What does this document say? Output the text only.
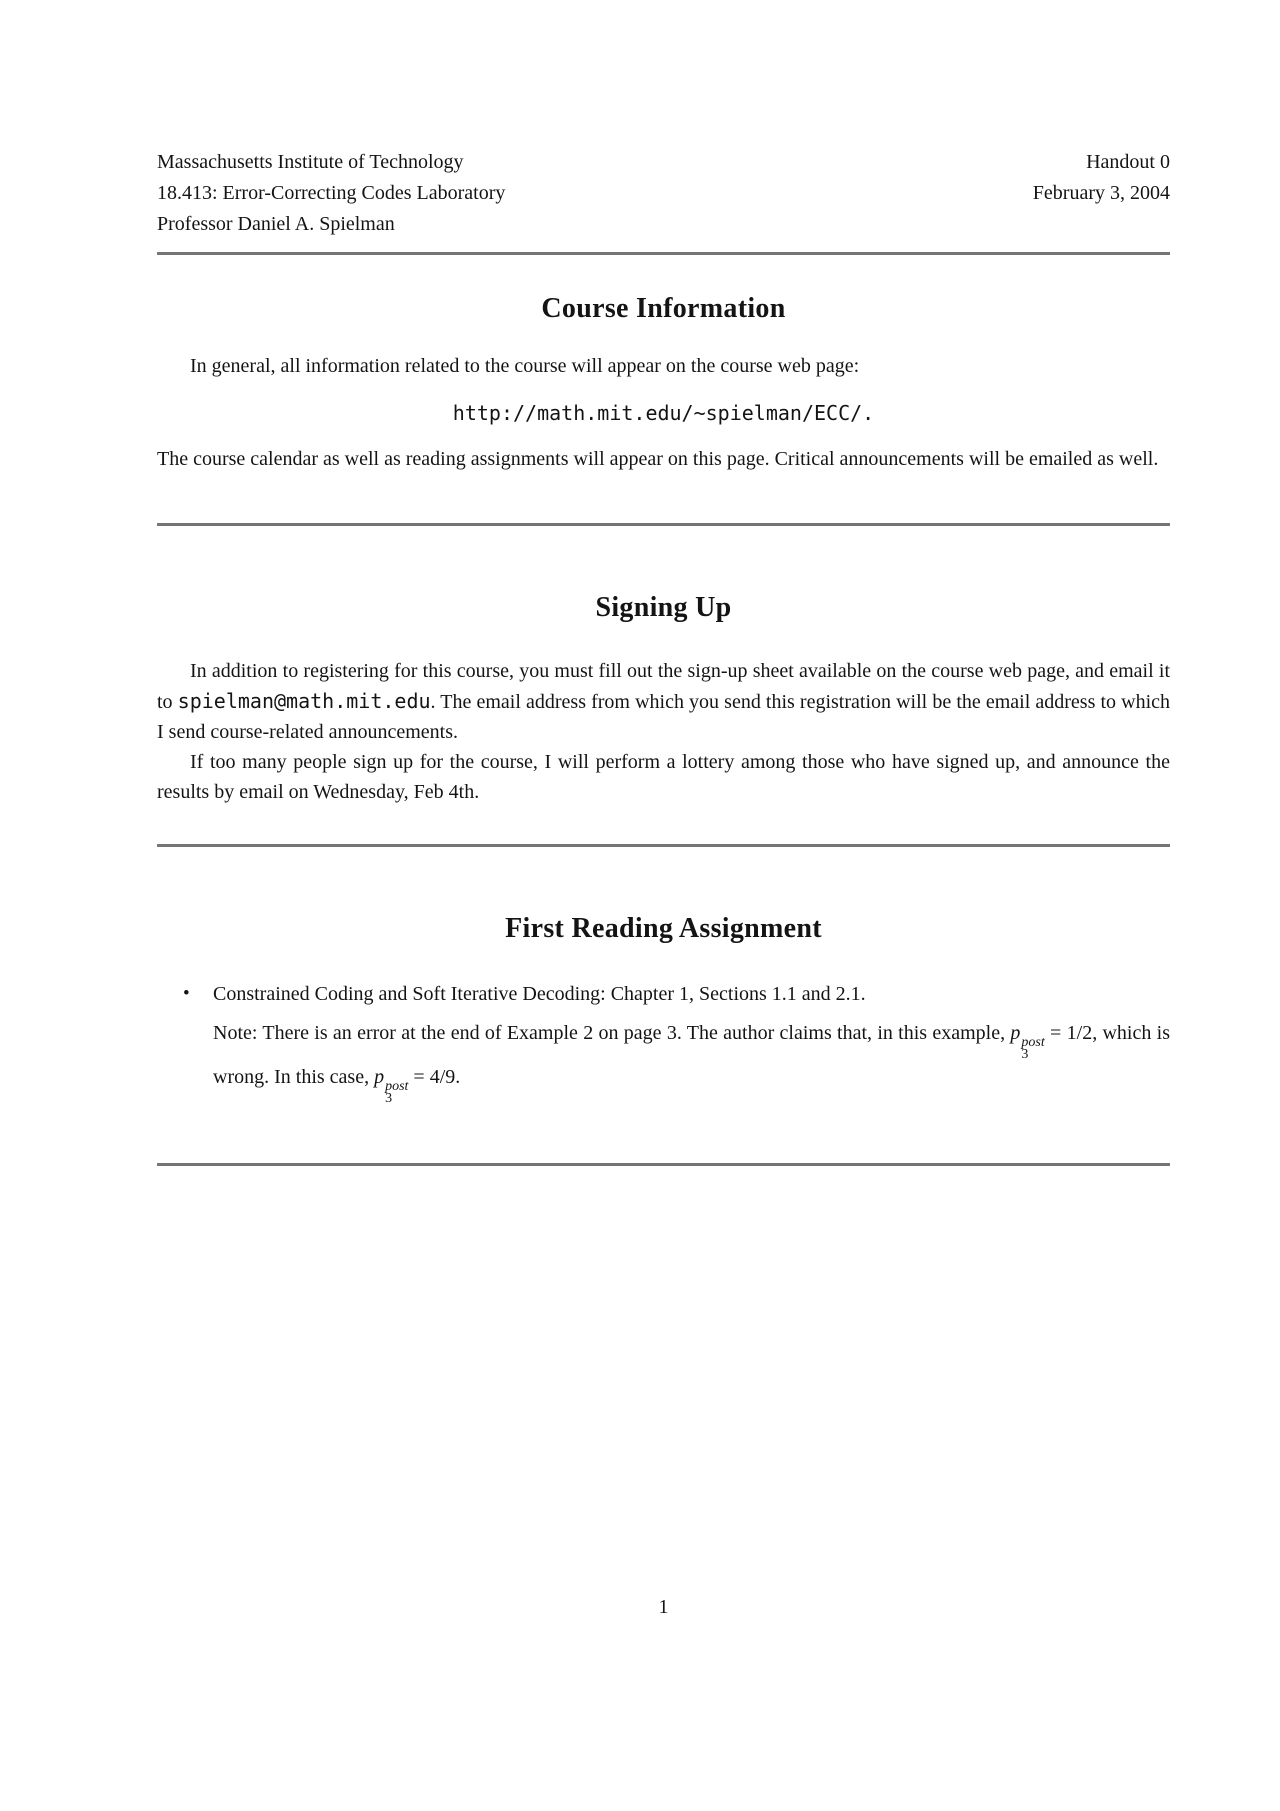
Massachusetts Institute of Technology
18.413: Error-Correcting Codes Laboratory
Professor Daniel A. Spielman
Handout 0
February 3, 2004
Course Information

In general, all information related to the course will appear on the course web page:

http://math.mit.edu/~spielman/ECC/.

The course calendar as well as reading assignments will appear on this page. Critical announcements will be emailed as well.

Signing Up

In addition to registering for this course, you must fill out the sign-up sheet available on the course web page, and email it to spielman@math.mit.edu. The email address from which you send this registration will be the email address to which I send course-related announcements.

If too many people sign up for the course, I will perform a lottery among those who have signed up, and announce the results by email on Wednesday, Feb 4th.

First Reading Assignment
•	Constrained Coding and Soft Iterative Decoding: Chapter 1, Sections 1.1 and 2.1.

Note: There is an error at the end of Example 2 on page 3. The author claims that, in this example, p post
3
= 1/2, which is wrong. In this case, p post
3
= 4/9.

1
